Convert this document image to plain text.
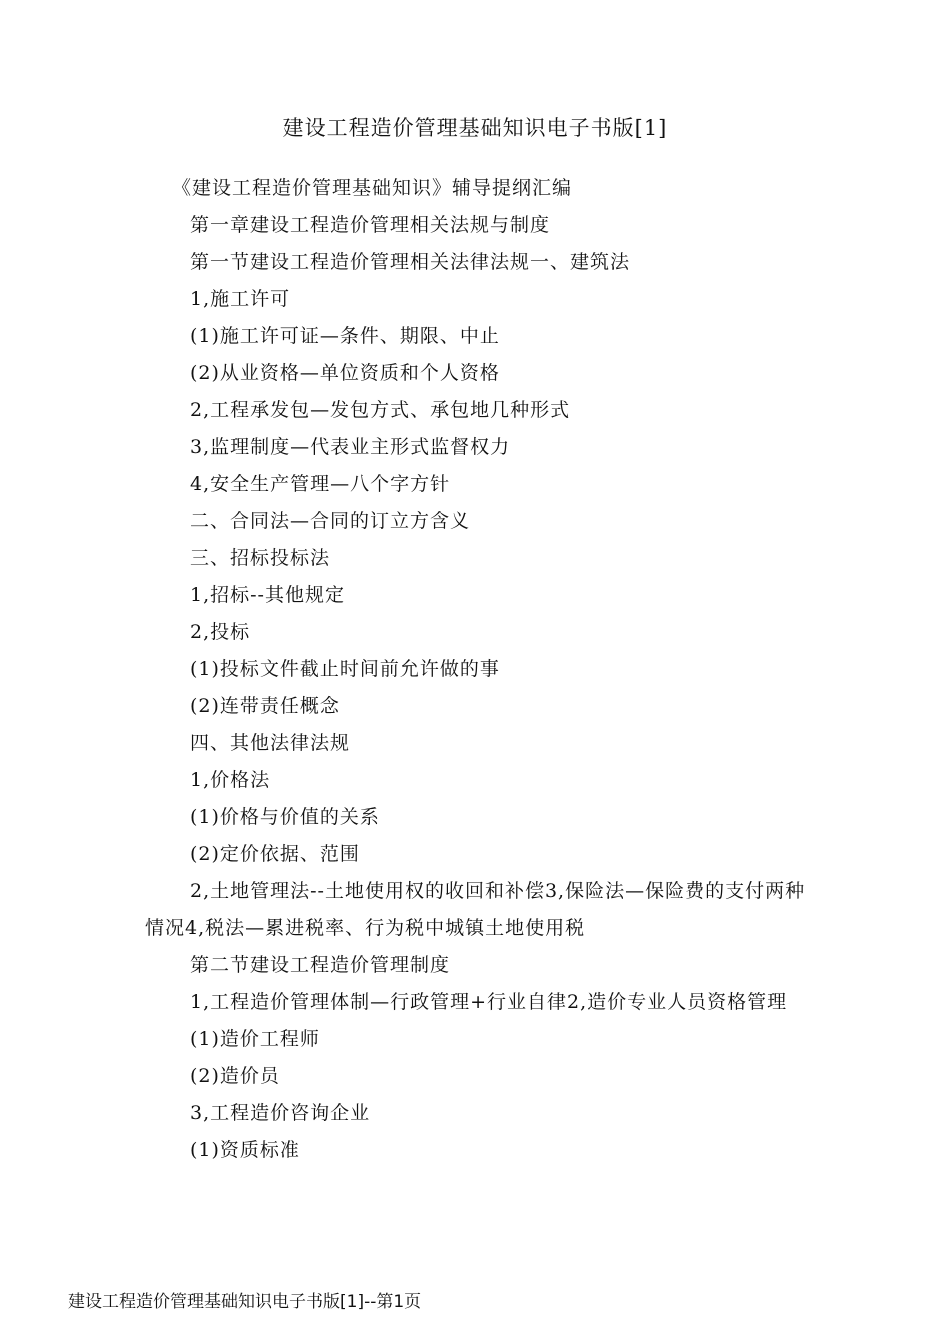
建设工程造价管理基础知识电子书版[1]

《建设工程造价管理基础知识》辅导提纲汇编

第一章建设工程造价管理相关法规与制度

第一节建设工程造价管理相关法律法规一、建筑法

1,施工许可

(1)施工许可证—条件、期限、中止

(2)从业资格—单位资质和个人资格

2,工程承发包—发包方式、承包地几种形式

3,监理制度—代表业主形式监督权力

4,安全生产管理—八个字方针

二、合同法—合同的订立方含义

三、招标投标法

1,招标--其他规定

2,投标

(1)投标文件截止时间前允许做的事

(2)连带责任概念

四、其他法律法规

1,价格法

(1)价格与价值的关系

(2)定价依据、范围

2,土地管理法--土地使用权的收回和补偿3,保险法—保险费的支付两种情况4,税法—累进税率、行为税中城镇土地使用税

第二节建设工程造价管理制度

1,工程造价管理体制—行政管理+行业自律2,造价专业人员资格管理

(1)造价工程师

(2)造价员

3,工程造价咨询企业

(1)资质标准

建设工程造价管理基础知识电子书版[1]--第1页
